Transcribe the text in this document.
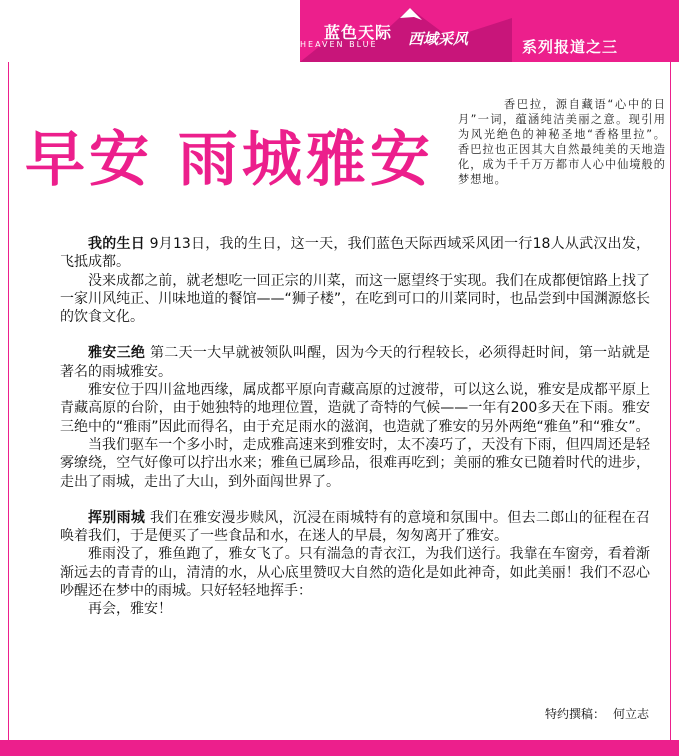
蓝色天际
HEAVEN BLUE 西域采风	系列报道之三
早安 雨城雅安
香巴拉，源自藏语“心中的日月”一词，蕴涵纯洁美丽之意。现引用为风光绝色的神秘圣地“香格里拉”。香巴拉也正因其大自然最纯美的天地造化，成为千千万万都市人心中仙境般的梦想地。

我的生日 9月13日，我的生日，这一天，我们蓝色天际西域采风团一行18人从武汉出发，飞抵成都。

没来成都之前，就老想吃一回正宗的川菜，而这一愿望终于实现。我们在成都便馆路上找了一家川风纯正、川味地道的餐馆——“狮子楼”，在吃到可口的川菜同时，也品尝到中国渊源悠长的饮食文化。

雅安三绝 第二天一大早就被领队叫醒，因为今天的行程较长，必须得赶时间，第一站就是著名的雨城雅安。

雅安位于四川盆地西缘，属成都平原向青藏高原的过渡带，可以这么说，雅安是成都平原上青藏高原的台阶，由于她独特的地理位置，造就了奇特的气候——一年有200多天在下雨。雅安三绝中的“雅雨”因此而得名，由于充足雨水的滋润，也造就了雅安的另外两绝“雅鱼”和“雅女”。

当我们驱车一个多小时，走成雅高速来到雅安时，太不凑巧了，天没有下雨，但四周还是轻雾缭绕，空气好像可以拧出水来；雅鱼已属珍品，很难再吃到；美丽的雅女已随着时代的进步，走出了雨城，走出了大山，到外面闯世界了。

挥别雨城 我们在雅安漫步赎风，沉浸在雨城特有的意境和氛围中。但去二郎山的征程在召唤着我们，于是便买了一些食品和水，在迷人的早晨，匆匆离开了雅安。

雅雨没了，雅鱼跑了，雅女飞了。只有湍急的青衣江，为我们送行。我靠在车窗旁，看着渐渐远去的青青的山，清清的水，从心底里赞叹大自然的造化是如此神奇，如此美丽！我们不忍心吵醒还在梦中的雨城。只好轻轻地挥手：

再会，雅安！

特约撰稿： 何立志
